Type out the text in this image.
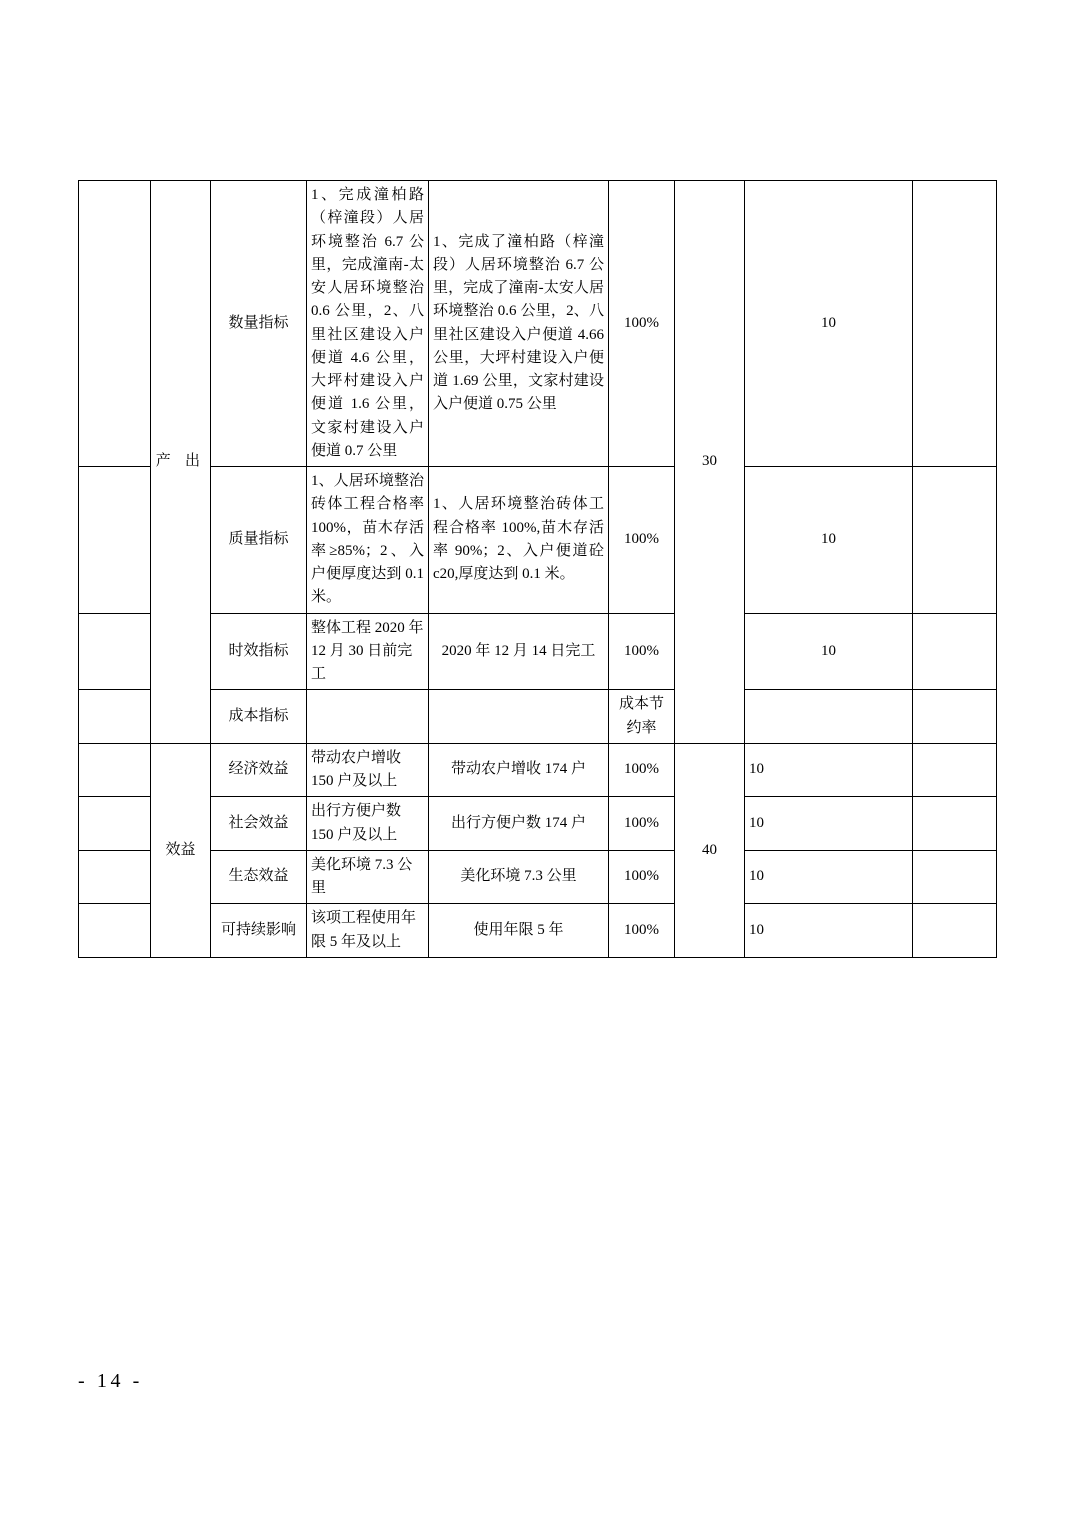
	产 出	数量指标	1、完成潼柏路（梓潼段）人居环境整治 6.7 公里，完成潼南-太安人居环境整治 0.6 公里，2、八里社区建设入户便道 4.6 公里，大坪村建设入户便道 1.6 公里，文家村建设入户便道 0.7 公里	1、完成了潼柏路（梓潼段）人居环境整治 6.7 公里，完成了潼南-太安人居环境整治 0.6 公里，2、八里社区建设入户便道 4.66 公里，大坪村建设入户便道 1.69 公里，文家村建设入户便道 0.75 公里	100%	30	10	
		质量指标	1、人居环境整治砖体工程合格率 100%，苗木存活率≥85%；2、入户便厚度达到 0.1 米。	1、人居环境整治砖体工程合格率 100%,苗木存活率 90%；2、入户便道砼 c20,厚度达到 0.1 米。	100%		10	
		时效指标	整体工程 2020 年 12 月 30 日前完工	2020 年 12 月 14 日完工	100%		10	
		成本指标			成本节约率			
	效益	经济效益	带动农户增收 150 户及以上	带动农户增收 174 户	100%	40	10	
		社会效益	出行方便户数 150 户及以上	出行方便户数 174 户	100%		10	
		生态效益	美化环境 7.3 公里	美化环境 7.3 公里	100%		10	
		可持续影响	该项工程使用年限 5 年及以上	使用年限 5 年	100%		10	
- 14 -
